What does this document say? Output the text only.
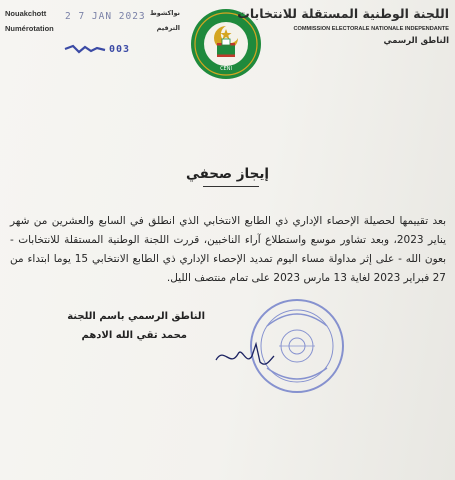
Nouakchott 2 7 JAN 2023 نواكشوط
Numérotation
003
الترقيم
CENI
اللجنة الوطنية المستقلة للانتخابات
COMMISSION ELECTORALE NATIONALE INDEPENDANTE
الناطق الرسمي
إيجاز صحفي
بعد تقييمها لحصيلة الإحصاء الإداري ذي الطابع الانتخابي الذي انطلق في السابع والعشرين من شهر يناير 2023، وبعد تشاور موسع واستطلاع آراء الناخبين، قررت اللجنة الوطنية المستقلة للانتخابات - بعون الله - على إثر مداولة مساء اليوم تمديد الإحصاء الإداري ذي الطابع الانتخابي 15 يوما ابتداء من 27 فبراير 2023 لغاية 13 مارس 2023 على تمام منتصف الليل.
الناطق الرسمي باسم اللجنة
محمد تقي الله الادهم
